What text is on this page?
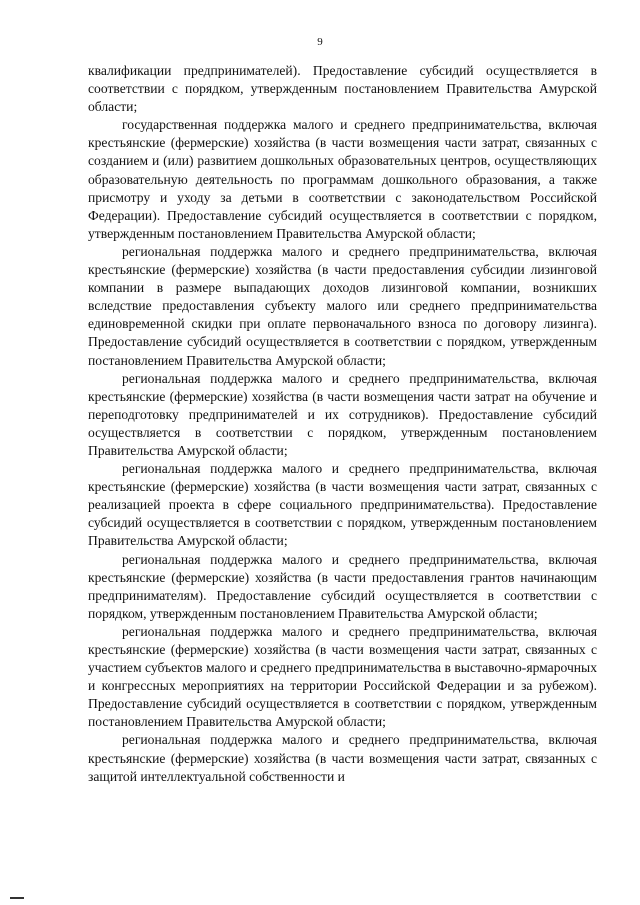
9

квалификации предпринимателей). Предоставление субсидий осуществляется в соответствии с порядком, утвержденным постановлением Правительства Амурской области;

государственная поддержка малого и среднего предпринимательства, включая крестьянские (фермерские) хозяйства (в части возмещения части затрат, связанных с созданием и (или) развитием дошкольных образовательных центров, осуществляющих образовательную деятельность по программам дошкольного образования, а также присмотру и уходу за детьми в соответствии с законодательством Российской Федерации). Предоставление субсидий осуществляется в соответствии с порядком, утвержденным постановлением Правительства Амурской области;

региональная поддержка малого и среднего предпринимательства, включая крестьянские (фермерские) хозяйства (в части предоставления субсидии лизинговой компании в размере выпадающих доходов лизинговой компании, возникших вследствие предоставления субъекту малого или среднего предпринимательства единовременной скидки при оплате первоначального взноса по договору лизинга). Предоставление субсидий осуществляется в соответствии с порядком, утвержденным постановлением Правительства Амурской области;

региональная поддержка малого и среднего предпринимательства, включая крестьянские (фермерские) хозяйства (в части возмещения части затрат на обучение и переподготовку предпринимателей и их сотрудников). Предоставление субсидий осуществляется в соответствии с порядком, утвержденным постановлением Правительства Амурской области;

региональная поддержка малого и среднего предпринимательства, включая крестьянские (фермерские) хозяйства (в части возмещения части затрат, связанных с реализацией проекта в сфере социального предпринимательства). Предоставление субсидий осуществляется в соответствии с порядком, утвержденным постановлением Правительства Амурской области;

региональная поддержка малого и среднего предпринимательства, включая крестьянские (фермерские) хозяйства (в части предоставления грантов начинающим предпринимателям). Предоставление субсидий осуществляется в соответствии с порядком, утвержденным постановлением Правительства Амурской области;

региональная поддержка малого и среднего предпринимательства, включая крестьянские (фермерские) хозяйства (в части возмещения части затрат, связанных с участием субъектов малого и среднего предпринимательства в выставочно-ярмарочных и конгрессных мероприятиях на территории Российской Федерации и за рубежом). Предоставление субсидий осуществляется в соответствии с порядком, утвержденным постановлением Правительства Амурской области;

региональная поддержка малого и среднего предпринимательства, включая крестьянские (фермерские) хозяйства (в части возмещения части затрат, связанных с защитой интеллектуальной собственности и
